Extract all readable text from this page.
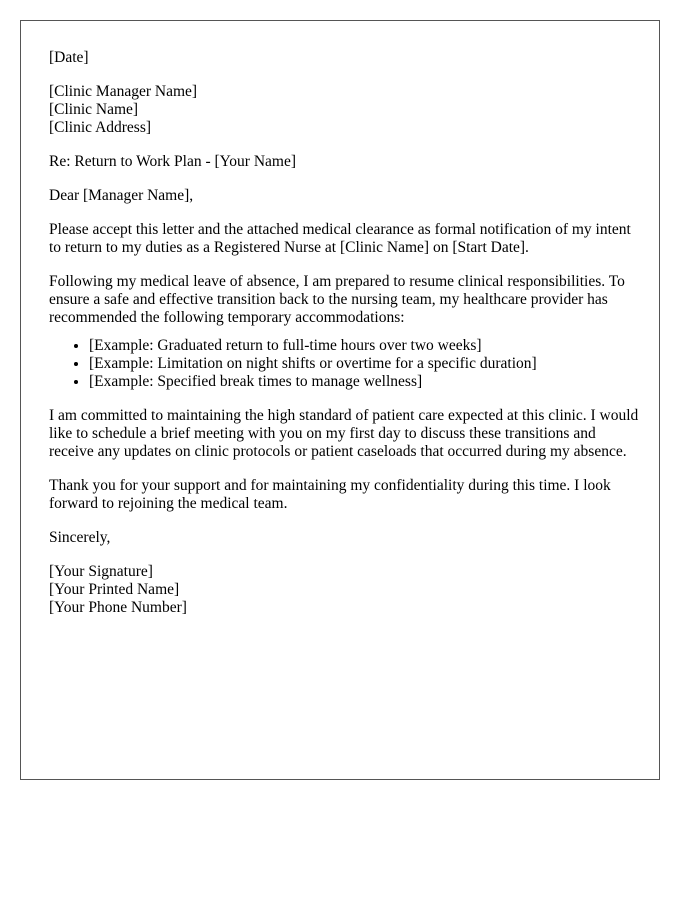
[Date]
[Clinic Manager Name]
[Clinic Name]
[Clinic Address]
Re: Return to Work Plan - [Your Name]
Dear [Manager Name],

Please accept this letter and the attached medical clearance as formal notification of my intent to return to my duties as a Registered Nurse at [Clinic Name] on [Start Date].

Following my medical leave of absence, I am prepared to resume clinical responsibilities. To ensure a safe and effective transition back to the nursing team, my healthcare provider has recommended the following temporary accommodations:

• [Example: Graduated return to full-time hours over two weeks]
• [Example: Limitation on night shifts or overtime for a specific duration]
• [Example: Specified break times to manage wellness]

I am committed to maintaining the high standard of patient care expected at this clinic. I would like to schedule a brief meeting with you on my first day to discuss these transitions and receive any updates on clinic protocols or patient caseloads that occurred during my absence.

Thank you for your support and for maintaining my confidentiality during this time. I look forward to rejoining the medical team.

Sincerely,
[Your Signature]
[Your Printed Name]
[Your Phone Number]
